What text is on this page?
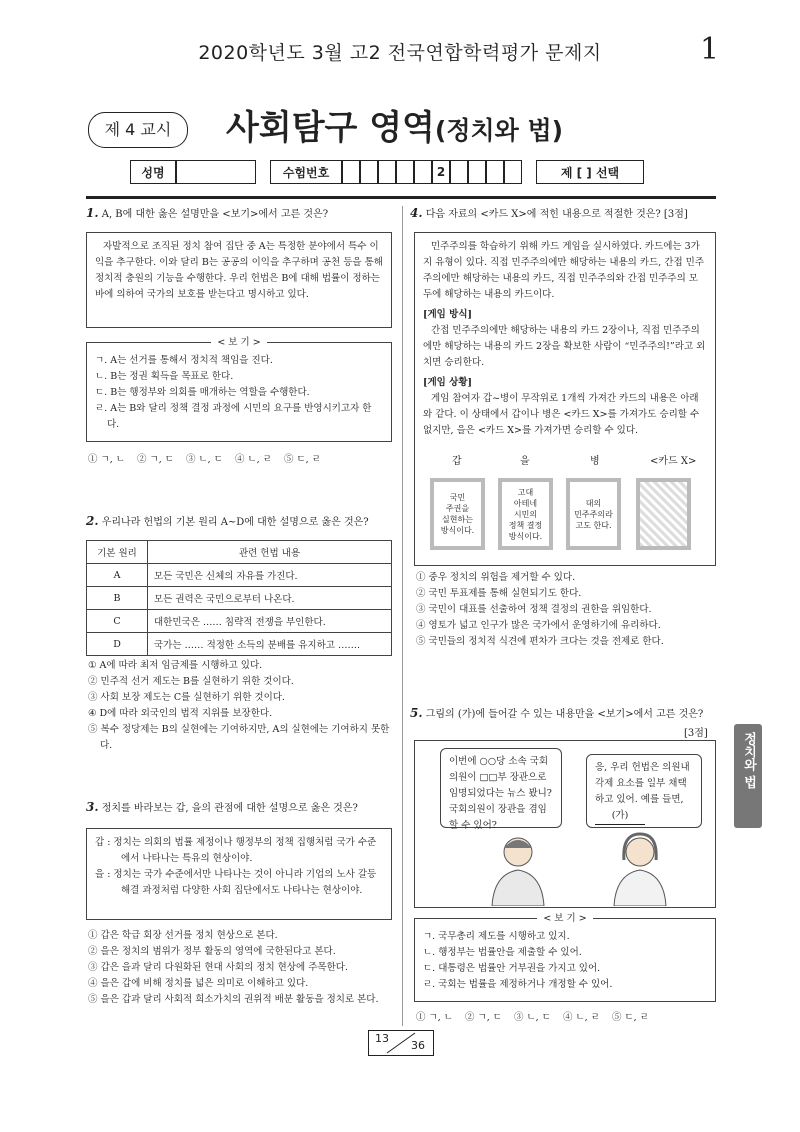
2020학년도 3월 고2 전국연합학력평가 문제지	1
제 4 교시	사회탐구 영역(정치와 법)
성명	수험번호	2	제 [ ] 선택
1. A, B에 대한 옳은 설명만을 <보기>에서 고른 것은?
자발적으로 조직된 정치 참여 집단 중 A는 특정한 분야에서 특수 이익을 추구한다. 이와 달리 B는 공공의 이익을 추구하며 공천 등을 통해 정치적 충원의 기능을 수행한다. 우리 헌법은 B에 대해 법률이 정하는 바에 의하여 국가의 보호를 받는다고 명시하고 있다.
< 보 기 >
ㄱ. A는 선거를 통해서 정치적 책임을 진다.
ㄴ. B는 정권 획득을 목표로 한다.
ㄷ. B는 행정부와 의회를 매개하는 역할을 수행한다.
ㄹ. A는 B와 달리 정책 결정 과정에 시민의 요구를 반영시키고자 한다.
① ㄱ, ㄴ    ② ㄱ, ㄷ    ③ ㄴ, ㄷ    ④ ㄴ, ㄹ    ⑤ ㄷ, ㄹ
2. 우리나라 헌법의 기본 원리 A~D에 대한 설명으로 옳은 것은?
기본 원리	관련 헌법 내용
A	모든 국민은 신체의 자유를 가진다.
B	모든 권력은 국민으로부터 나온다.
C	대한민국은 …… 침략적 전쟁을 부인한다.
D	국가는 …… 적정한 소득의 분배를 유지하고 …….
① A에 따라 최저 임금제를 시행하고 있다.
② 민주적 선거 제도는 B를 실현하기 위한 것이다.
③ 사회 보장 제도는 C를 실현하기 위한 것이다.
④ D에 따라 외국인의 법적 지위를 보장한다.
⑤ 복수 정당제는 B의 실현에는 기여하지만, A의 실현에는 기여하지 못한다.
3. 정치를 바라보는 갑, 을의 관점에 대한 설명으로 옳은 것은?
갑 : 정치는 의회의 법률 제정이나 행정부의 정책 집행처럼 국가 수준에서 나타나는 특유의 현상이야.
을 : 정치는 국가 수준에서만 나타나는 것이 아니라 기업의 노사 갈등 해결 과정처럼 다양한 사회 집단에서도 나타나는 현상이야.
① 갑은 학급 회장 선거를 정치 현상으로 본다.
② 을은 정치의 범위가 정부 활동의 영역에 국한된다고 본다.
③ 갑은 을과 달리 다원화된 현대 사회의 정치 현상에 주목한다.
④ 을은 갑에 비해 정치를 넓은 의미로 이해하고 있다.
⑤ 을은 갑과 달리 사회적 희소가치의 권위적 배분 활동을 정치로 본다.
4. 다음 자료의 <카드 X>에 적힌 내용으로 적절한 것은? [3점]
민주주의를 학습하기 위해 카드 게임을 실시하였다. 카드에는 3가지 유형이 있다. 직접 민주주의에만 해당하는 내용의 카드, 간접 민주주의에만 해당하는 내용의 카드, 직접 민주주의와 간접 민주주의 모두에 해당하는 내용의 카드이다.
[게임 방식]
간접 민주주의에만 해당하는 내용의 카드 2장이나, 직접 민주주의에만 해당하는 내용의 카드 2장을 확보한 사람이 “민주주의!”라고 외치면 승리한다.
[게임 상황]
게임 참여자 갑~병이 무작위로 1개씩 가져간 카드의 내용은 아래와 같다. 이 상태에서 갑이나 병은 <카드 X>를 가져가도 승리할 수 없지만, 을은 <카드 X>를 가져가면 승리할 수 있다.
갑	을	병	<카드 X>
국민
주권을
실현하는
방식이다.
고대
아테네
시민의
정책 결정
방식이다.
대의
민주주의라
고도 한다.
① 중우 정치의 위험을 제거할 수 있다.
② 국민 투표제를 통해 실현되기도 한다.
③ 국민이 대표를 선출하여 정책 결정의 권한을 위임한다.
④ 영토가 넓고 인구가 많은 국가에서 운영하기에 유리하다.
⑤ 국민들의 정치적 식견에 편차가 크다는 것을 전제로 한다.
5. 그림의 (가)에 들어갈 수 있는 내용만을 <보기>에서 고른 것은?
[3점]
이번에 ○○당 소속 국회의원이 □□부 장관으로 임명되었다는 뉴스 봤니? 국회의원이 장관을 겸임할 수 있어?
응, 우리 헌법은 의원내각제 요소를 일부 채택하고 있어. 예를 들면, (가)
< 보 기 >
ㄱ. 국무총리 제도를 시행하고 있지.
ㄴ. 행정부는 법률안을 제출할 수 있어.
ㄷ. 대통령은 법률안 거부권을 가지고 있어.
ㄹ. 국회는 법률을 제정하거나 개정할 수 있어.
① ㄱ, ㄴ    ② ㄱ, ㄷ    ③ ㄴ, ㄷ    ④ ㄴ, ㄹ    ⑤ ㄷ, ㄹ
정치와 법
13
36
